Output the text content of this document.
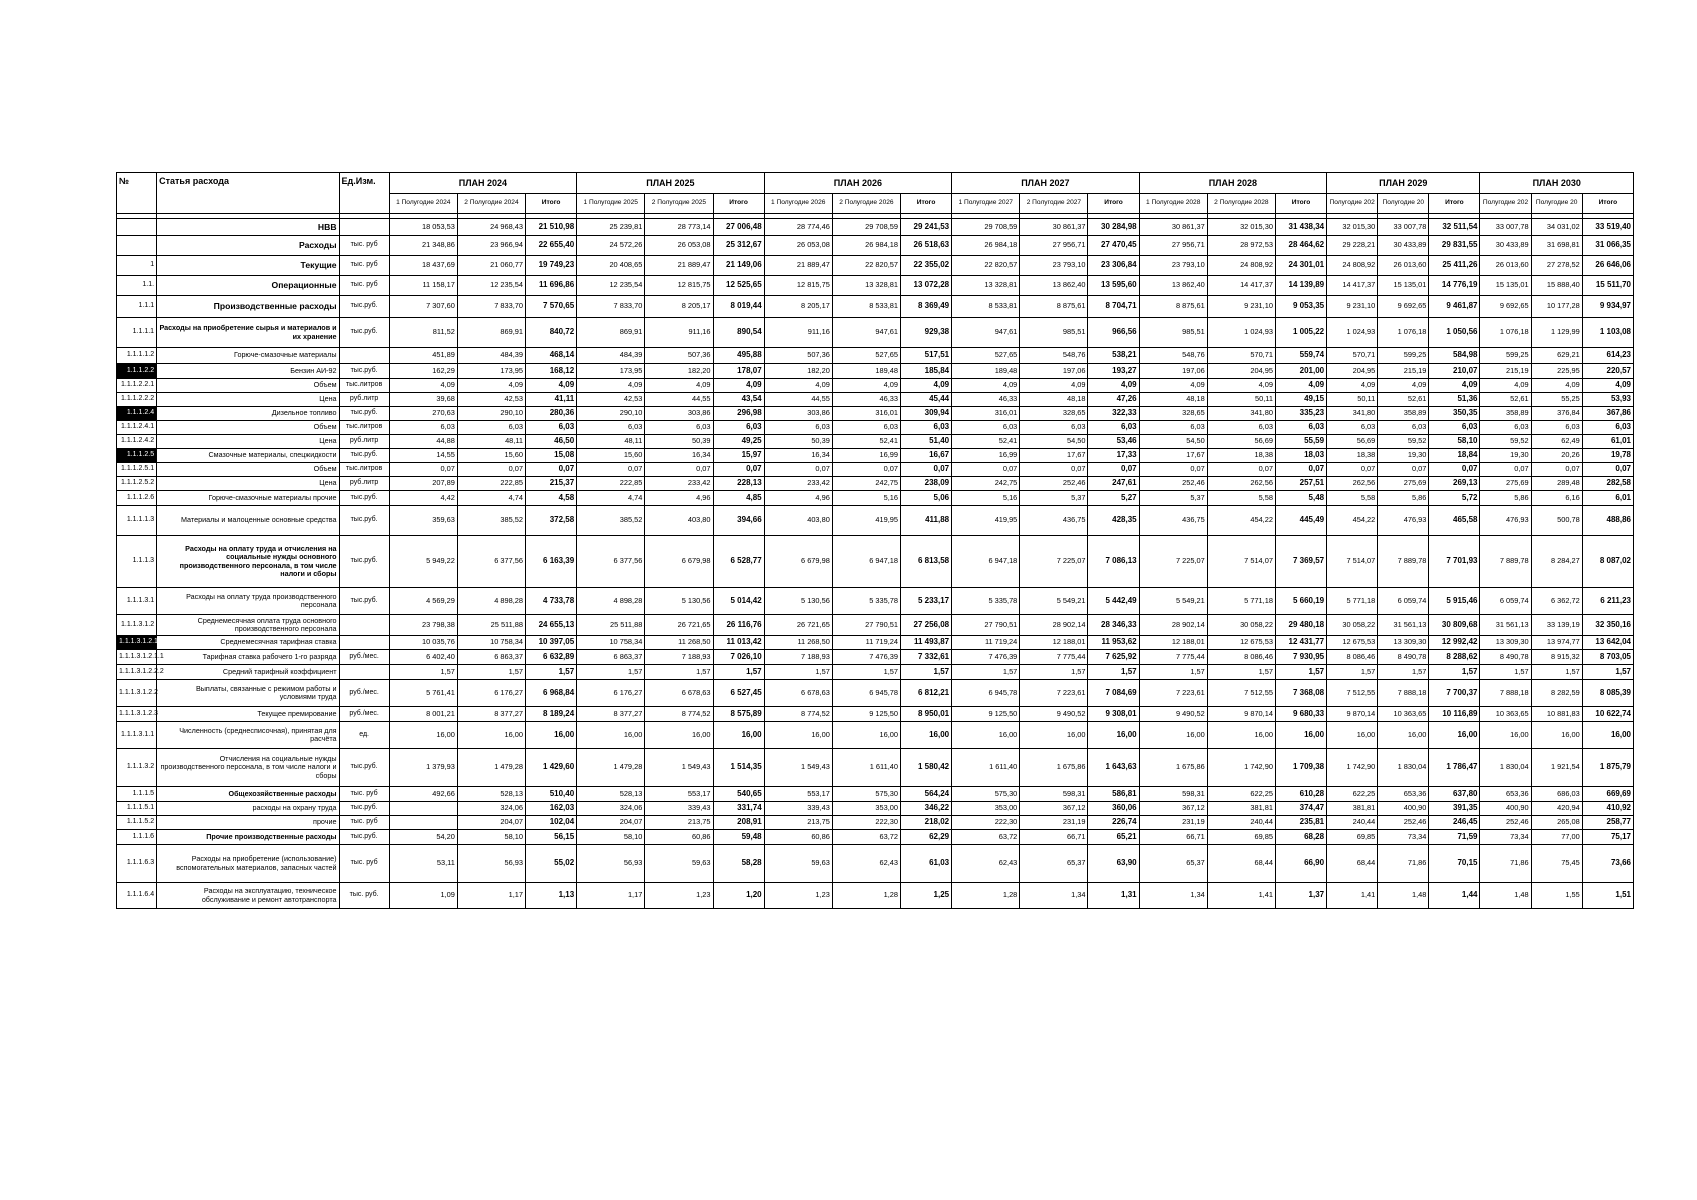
№	Статья расхода	Ед.Изм.	ПЛАН 2024			ПЛАН 2025			ПЛАН 2026			ПЛАН 2027			ПЛАН 2028			ПЛАН 2029			ПЛАН 2030		
			1 Полугодие 2024	2 Полугодие 2024	Итого	1 Полугодие 2025	2 Полугодие 2025	Итого	1 Полугодие 2026	2 Полугодие 2026	Итого	1 Полугодие 2027	2 Полугодие 2027	Итого	1 Полугодие 2028	2 Полугодие 2028	Итого	Полугодие 202	Полугодие 20	Итого	Полугодие 202	Полугодие 20	Итого

	НВВ		18 053,53	24 968,43	21 510,98	25 239,81	28 773,14	27 006,48	28 774,46	29 708,59	29 241,53	29 708,59	30 861,37	30 284,98	30 861,37	32 015,30	31 438,34	32 015,30	33 007,78	32 511,54	33 007,78	34 031,02	33 519,40
	Расходы	тыс. руб	21 348,86	23 966,94	22 655,40	24 572,26	26 053,08	25 312,67	26 053,08	26 984,18	26 518,63	26 984,18	27 956,71	27 470,45	27 956,71	28 972,53	28 464,62	29 228,21	30 433,89	29 831,55	30 433,89	31 698,81	31 066,35
1	Текущие	тыс. руб	18 437,69	21 060,77	19 749,23	20 408,65	21 889,47	21 149,06	21 889,47	22 820,57	22 355,02	22 820,57	23 793,10	23 306,84	23 793,10	24 808,92	24 301,01	24 808,92	26 013,60	25 411,26	26 013,60	27 278,52	26 646,06
1.1.	Операционные	тыс. руб	11 158,17	12 235,54	11 696,86	12 235,54	12 815,75	12 525,65	12 815,75	13 328,81	13 072,28	13 328,81	13 862,40	13 595,60	13 862,40	14 417,37	14 139,89	14 417,37	15 135,01	14 776,19	15 135,01	15 888,40	15 511,70
1.1.1	Производственные расходы	тыс.руб.	7 307,60	7 833,70	7 570,65	7 833,70	8 205,17	8 019,44	8 205,17	8 533,81	8 369,49	8 533,81	8 875,61	8 704,71	8 875,61	9 231,10	9 053,35	9 231,10	9 692,65	9 461,87	9 692,65	10 177,28	9 934,97
1.1.1.1	Расходы на приобретение сырья и материалов и их хранение	тыс.руб.	811,52	869,91	840,72	869,91	911,16	890,54	911,16	947,61	929,38	947,61	985,51	966,56	985,51	1 024,93	1 005,22	1 024,93	1 076,18	1 050,56	1 076,18	1 129,99	1 103,08
1.1.1.1.2	Горюче-смазочные материалы		451,89	484,39	468,14	484,39	507,36	495,88	507,36	527,65	517,51	527,65	548,76	538,21	548,76	570,71	559,74	570,71	599,25	584,98	599,25	629,21	614,23
1.1.1.2.2	Бензин АИ-92	тыс.руб.	162,29	173,95	168,12	173,95	182,20	178,07	182,20	189,48	185,84	189,48	197,06	193,27	197,06	204,95	201,00	204,95	215,19	210,07	215,19	225,95	220,57
1.1.1.2.2.1	Объем	тыс.литров	4,09	4,09	4,09	4,09	4,09	4,09	4,09	4,09	4,09	4,09	4,09	4,09	4,09	4,09	4,09	4,09	4,09	4,09	4,09	4,09	4,09
1.1.1.2.2.2	Цена	руб.литр	39,68	42,53	41,11	42,53	44,55	43,54	44,55	46,33	45,44	46,33	48,18	47,26	48,18	50,11	49,15	50,11	52,61	51,36	52,61	55,25	53,93
1.1.1.2.4	Дизельное топливо	тыс.руб.	270,63	290,10	280,36	290,10	303,86	296,98	303,86	316,01	309,94	316,01	328,65	322,33	328,65	341,80	335,23	341,80	358,89	350,35	358,89	376,84	367,86
1.1.1.2.4.1	Объем	тыс.литров	6,03	6,03	6,03	6,03	6,03	6,03	6,03	6,03	6,03	6,03	6,03	6,03	6,03	6,03	6,03	6,03	6,03	6,03	6,03	6,03	6,03
1.1.1.2.4.2	Цена	руб.литр	44,88	48,11	46,50	48,11	50,39	49,25	50,39	52,41	51,40	52,41	54,50	53,46	54,50	56,69	55,59	56,69	59,52	58,10	59,52	62,49	61,01
1.1.1.2.5	Смазочные материалы, спецжидкости	тыс.руб.	14,55	15,60	15,08	15,60	16,34	15,97	16,34	16,99	16,67	16,99	17,67	17,33	17,67	18,38	18,03	18,38	19,30	18,84	19,30	20,26	19,78
1.1.1.2.5.1	Объем	тыс.литров	0,07	0,07	0,07	0,07	0,07	0,07	0,07	0,07	0,07	0,07	0,07	0,07	0,07	0,07	0,07	0,07	0,07	0,07	0,07	0,07	0,07
1.1.1.2.5.2	Цена	руб.литр	207,89	222,85	215,37	222,85	233,42	228,13	233,42	242,75	238,09	242,75	252,46	247,61	252,46	262,56	257,51	262,56	275,69	269,13	275,69	289,48	282,58
1.1.1.2.6	Горюче-смазочные материалы прочие	тыс.руб.	4,42	4,74	4,58	4,74	4,96	4,85	4,96	5,16	5,06	5,16	5,37	5,27	5,37	5,58	5,48	5,58	5,86	5,72	5,86	6,16	6,01
1.1.1.1.3	Материалы и малоценные основные средства	тыс.руб.	359,63	385,52	372,58	385,52	403,80	394,66	403,80	419,95	411,88	419,95	436,75	428,35	436,75	454,22	445,49	454,22	476,93	465,58	476,93	500,78	488,86
1.1.1.3	Расходы на оплату труда и отчисления на социальные нужды основного производственного персонала, в том числе налоги и сборы	тыс.руб.	5 949,22	6 377,56	6 163,39	6 377,56	6 679,98	6 528,77	6 679,98	6 947,18	6 813,58	6 947,18	7 225,07	7 086,13	7 225,07	7 514,07	7 369,57	7 514,07	7 889,78	7 701,93	7 889,78	8 284,27	8 087,02
1.1.1.3.1	Расходы на оплату труда производственного персонала	тыс.руб.	4 569,29	4 898,28	4 733,78	4 898,28	5 130,56	5 014,42	5 130,56	5 335,78	5 233,17	5 335,78	5 549,21	5 442,49	5 549,21	5 771,18	5 660,19	5 771,18	6 059,74	5 915,46	6 059,74	6 362,72	6 211,23
1.1.1.3.1.2	Среднемесячная оплата труда основного производственного персонала		23 798,38	25 511,88	24 655,13	25 511,88	26 721,65	26 116,76	26 721,65	27 790,51	27 256,08	27 790,51	28 902,14	28 346,33	28 902,14	30 058,22	29 480,18	30 058,22	31 561,13	30 809,68	31 561,13	33 139,19	32 350,16
1.1.1.3.1.2.1	Среднемесячная тарифная ставка		10 035,76	10 758,34	10 397,05	10 758,34	11 268,50	11 013,42	11 268,50	11 719,24	11 493,87	11 719,24	12 188,01	11 953,62	12 188,01	12 675,53	12 431,77	12 675,53	13 309,30	12 992,42	13 309,30	13 974,77	13 642,04
1.1.1.3.1.2.1.1	Тарифная ставка рабочего 1-го разряда	руб./мес.	6 402,40	6 863,37	6 632,89	6 863,37	7 188,93	7 026,10	7 188,93	7 476,39	7 332,61	7 476,39	7 775,44	7 625,92	7 775,44	8 086,46	7 930,95	8 086,46	8 490,78	8 288,62	8 490,78	8 915,32	8 703,05
1.1.1.3.1.2.2.2	Средний тарифный коэффициент		1,57	1,57	1,57	1,57	1,57	1,57	1,57	1,57	1,57	1,57	1,57	1,57	1,57	1,57	1,57	1,57	1,57	1,57	1,57	1,57	1,57
1.1.1.3.1.2.2	Выплаты, связанные с режимом работы и условиями труда	руб./мес.	5 761,41	6 176,27	6 968,84	6 176,27	6 678,63	6 527,45	6 678,63	6 945,78	6 812,21	6 945,78	7 223,61	7 084,69	7 223,61	7 512,55	7 368,08	7 512,55	7 888,18	7 700,37	7 888,18	8 282,59	8 085,39
1.1.1.3.1.2.3	Текущее премирование	руб./мес.	8 001,21	8 377,27	8 189,24	8 377,27	8 774,52	8 575,89	8 774,52	9 125,50	8 950,01	9 125,50	9 490,52	9 308,01	9 490,52	9 870,14	9 680,33	9 870,14	10 363,65	10 116,89	10 363,65	10 881,83	10 622,74
1.1.1.3.1.1	Численность (среднесписочная), принятая для расчёта	ед.	16,00	16,00	16,00	16,00	16,00	16,00	16,00	16,00	16,00	16,00	16,00	16,00	16,00	16,00	16,00	16,00	16,00	16,00	16,00	16,00	16,00
1.1.1.3.2	Отчисления на социальные нужды производственного персонала, в том числе налоги и сборы	тыс.руб.	1 379,93	1 479,28	1 429,60	1 479,28	1 549,43	1 514,35	1 549,43	1 611,40	1 580,42	1 611,40	1 675,86	1 643,63	1 675,86	1 742,90	1 709,38	1 742,90	1 830,04	1 786,47	1 830,04	1 921,54	1 875,79
1.1.1.5	Общехозяйственные расходы	тыс. руб	492,66	528,13	510,40	528,13	553,17	540,65	553,17	575,30	564,24	575,30	598,31	586,81	598,31	622,25	610,28	622,25	653,36	637,80	653,36	686,03	669,69
1.1.1.5.1	расходы на охрану труда	тыс.руб.		324,06	162,03	324,06	339,43	331,74	339,43	353,00	346,22	353,00	367,12	360,06	367,12	381,81	374,47	381,81	400,90	391,35	400,90	420,94	410,92
1.1.1.5.2	прочие	тыс. руб		204,07	102,04	204,07	213,75	208,91	213,75	222,30	218,02	222,30	231,19	226,74	231,19	240,44	235,81	240,44	252,46	246,45	252,46	265,08	258,77
1.1.1.6	Прочие производственные расходы	тыс.руб.	54,20	58,10	56,15	58,10	60,86	59,48	60,86	63,72	62,29	63,72	66,71	65,21	66,71	69,85	68,28	69,85	73,34	71,59	73,34	77,00	75,17
1.1.1.6.3	Расходы на приобретение (использование) вспомогательных материалов, запасных частей	тыс. руб	53,11	56,93	55,02	56,93	59,63	58,28	59,63	62,43	61,03	62,43	65,37	63,90	65,37	68,44	66,90	68,44	71,86	70,15	71,86	75,45	73,66
1.1.1.6.4	Расходы на эксплуатацию, техническое обслуживание и ремонт автотранспорта	тыс. руб.	1,09	1,17	1,13	1,17	1,23	1,20	1,23	1,28	1,25	1,28	1,34	1,31	1,34	1,41	1,37	1,41	1,48	1,44	1,48	1,55	1,51
